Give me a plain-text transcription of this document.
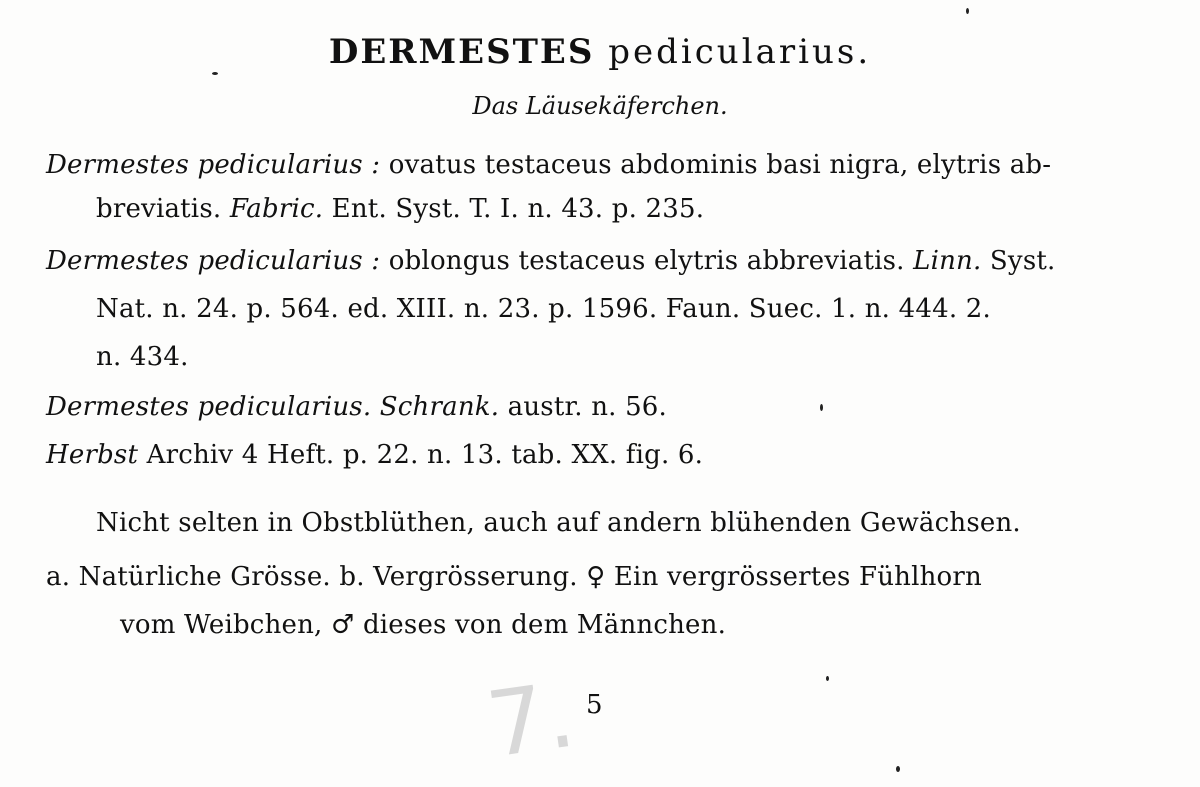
DERMESTES pedicularius.
Das Läusekäferchen.
Dermestes pedicularius : ovatus testaceus abdominis basi nigra, elytris ab-
breviatis. Fabric. Ent. Syst. T. I. n. 43. p. 235.
Dermestes pedicularius : oblongus testaceus elytris abbreviatis. Linn. Syst.
Nat. n. 24. p. 564. ed. XIII. n. 23. p. 1596. Faun. Suec. 1. n. 444. 2.
n. 434.
Dermestes pedicularius. Schrank. austr. n. 56.
Herbst Archiv 4 Heft. p. 22. n. 13. tab. XX. fig. 6.
Nicht selten in Obstblüthen, auch auf andern blühenden Gewächsen.
a. Natürliche Grösse. b. Vergrösserung. ♀ Ein vergrössertes Fühlhorn
vom Weibchen, ♂ dieses von dem Männchen.
7. 5
